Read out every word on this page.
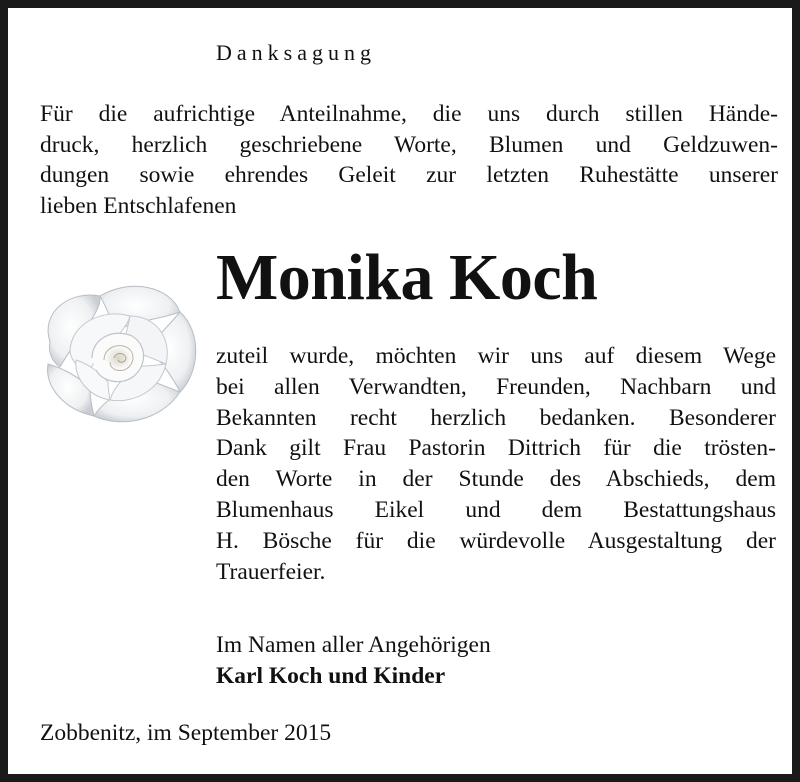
Danksagung
Für die aufrichtige Anteilnahme, die uns durch stillen Hände-
druck, herzlich geschriebene Worte, Blumen und Geldzuwen-
dungen sowie ehrendes Geleit zur letzten Ruhestätte unserer
lieben Entschlafenen
Monika Koch
zuteil wurde, möchten wir uns auf diesem Wege
bei allen Verwandten, Freunden, Nachbarn und
Bekannten recht herzlich bedanken. Besonderer
Dank gilt Frau Pastorin Dittrich für die trösten-
den Worte in der Stunde des Abschieds, dem
Blumenhaus Eikel und dem Bestattungshaus
H. Bösche für die würdevolle Ausgestaltung der
Trauerfeier.
Im Namen aller Angehörigen
Karl Koch und Kinder
Zobbenitz, im September 2015
